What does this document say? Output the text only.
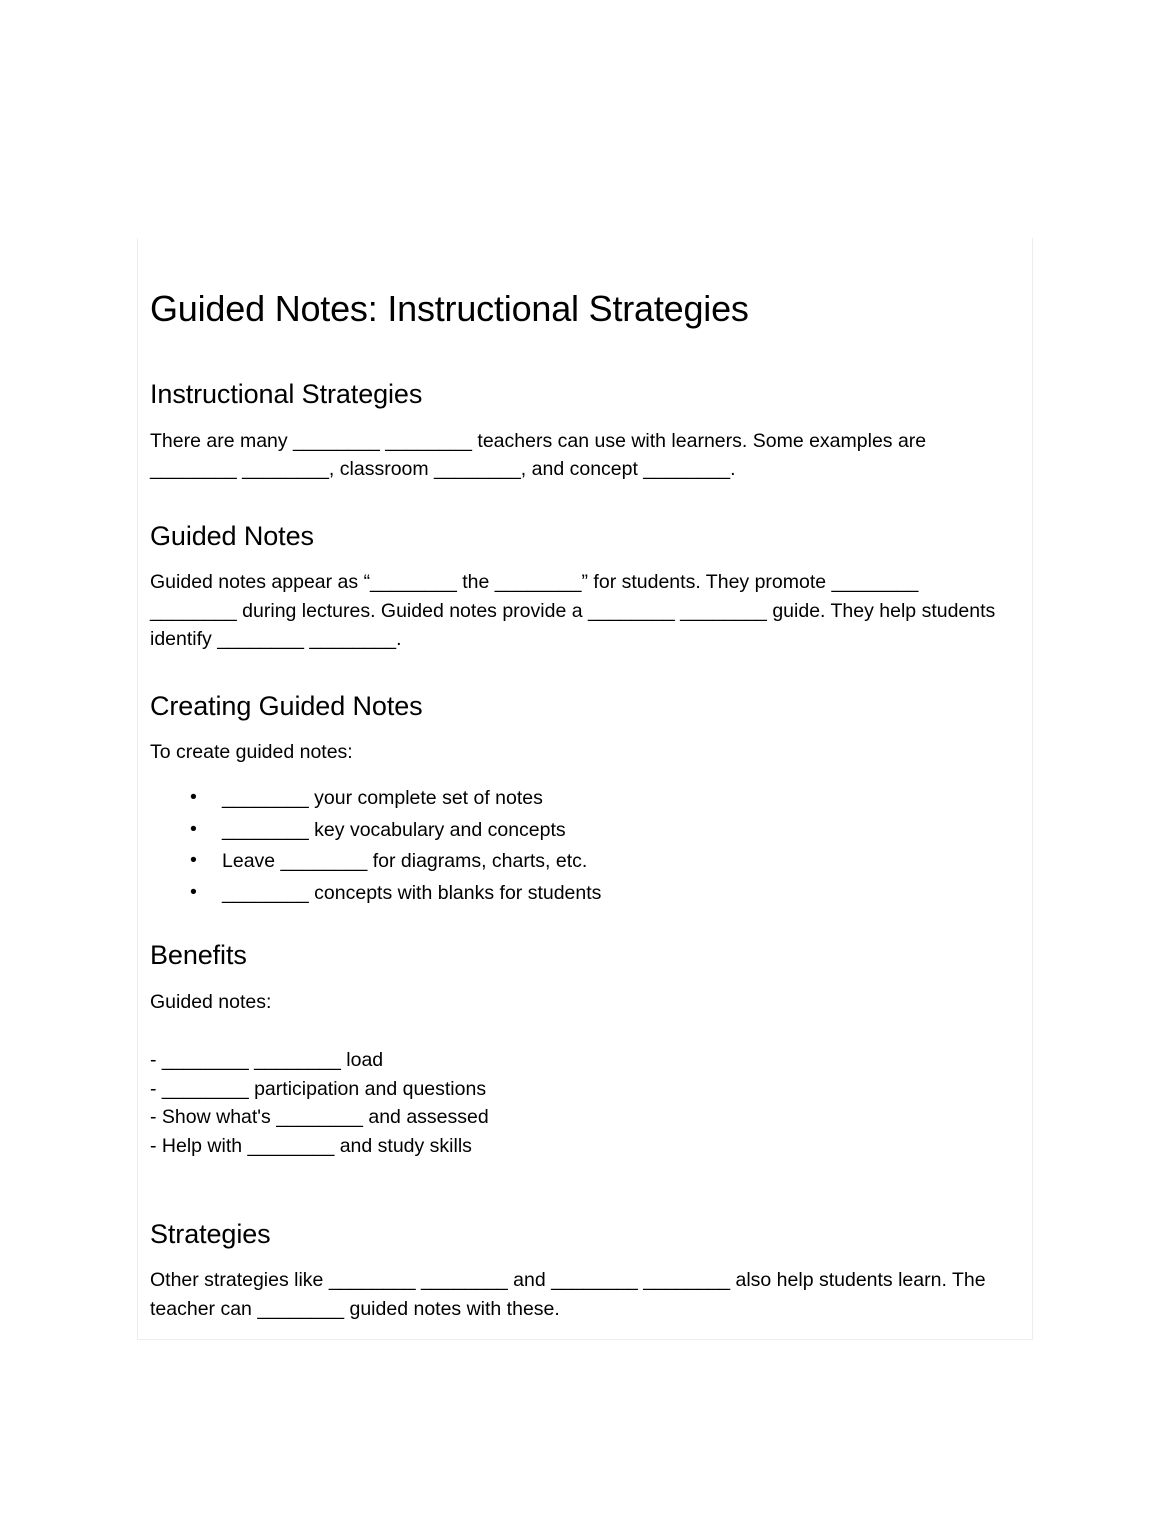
Guided Notes: Instructional Strategies
Instructional Strategies

There are many ________ ________ teachers can use with learners. Some examples are ________ ________, classroom ________, and concept ________.

Guided Notes

Guided notes appear as “________ the ________” for students. They promote ________ ________ during lectures. Guided notes provide a ________ ________ guide. They help students identify ________ ________.

Creating Guided Notes

To create guided notes:

• ________ your complete set of notes
• ________ key vocabulary and concepts
• Leave ________ for diagrams, charts, etc.
• ________ concepts with blanks for students
Benefits

Guided notes:

- ________ ________ load

- ________ participation and questions

- Show what's ________ and assessed

- Help with ________ and study skills

Strategies

Other strategies like ________ ________ and ________ ________ also help students learn. The teacher can ________ guided notes with these.
